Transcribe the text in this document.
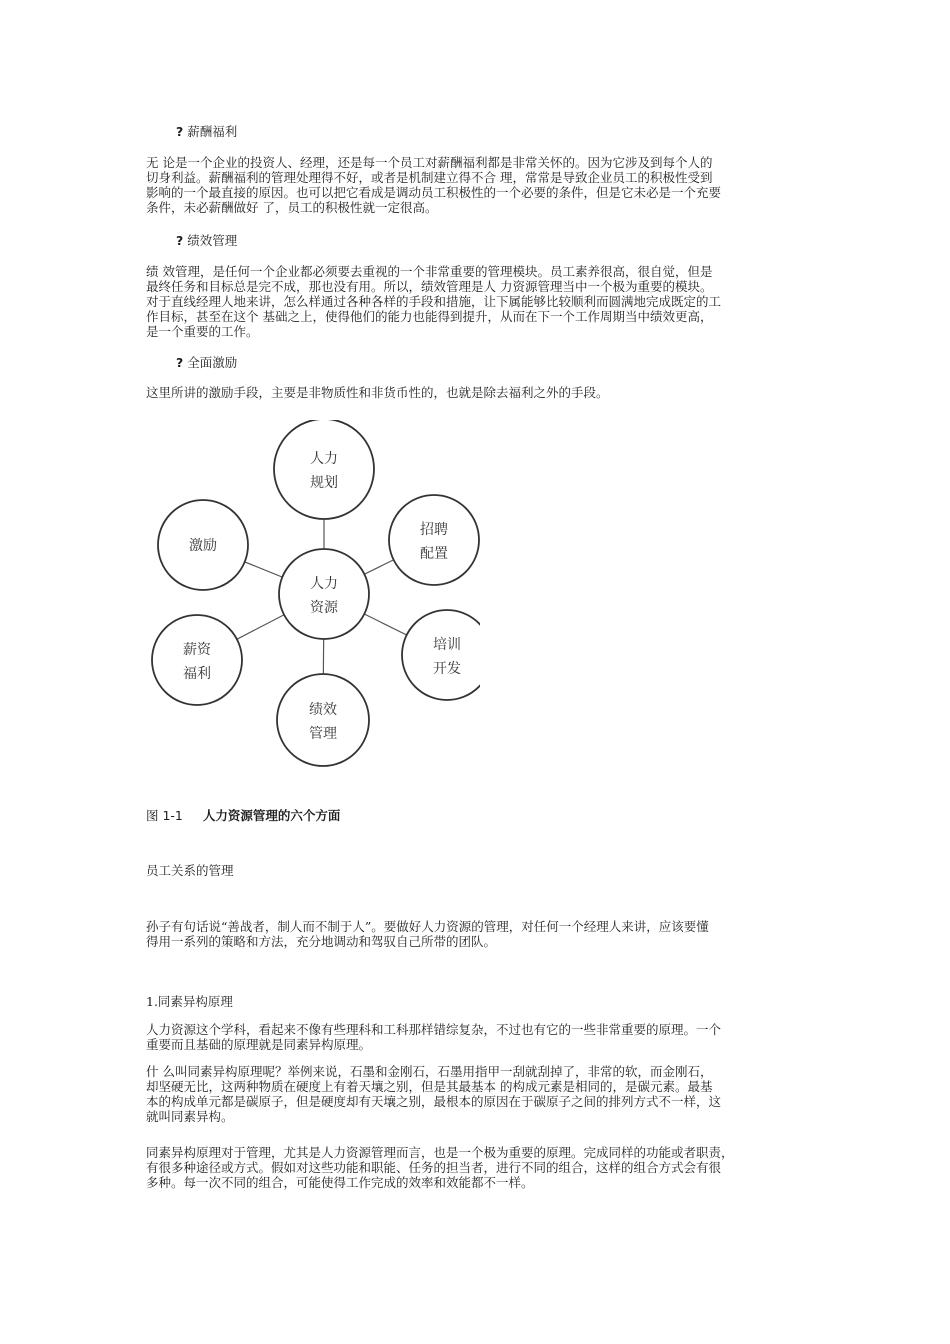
? 薪酬福利
无 论是一个企业的投资人、经理，还是每一个员工对薪酬福利都是非常关怀的。因为它涉及到每个人的
切身利益。薪酬福利的管理处理得不好，或者是机制建立得不合 理，常常是导致企业员工的积极性受到
影响的一个最直接的原因。也可以把它看成是调动员工积极性的一个必要的条件，但是它未必是一个充要
条件，未必薪酬做好 了，员工的积极性就一定很高。
? 绩效管理
绩 效管理，是任何一个企业都必须要去重视的一个非常重要的管理模块。员工素养很高，很自觉，但是
最终任务和目标总是完不成，那也没有用。所以，绩效管理是人 力资源管理当中一个极为重要的模块。
对于直线经理人地来讲，怎么样通过各种各样的手段和措施，让下属能够比较顺利而圆满地完成既定的工
作目标，甚至在这个 基础之上，使得他们的能力也能得到提升，从而在下一个工作周期当中绩效更高，
是一个重要的工作。
? 全面激励
这里所讲的激励手段，主要是非物质性和非货币性的，也就是除去福利之外的手段。
人力
资源
人力
规划
招聘
配置
培训
开发
绩效
管理
薪资
福利
激励
图 1-1 人力资源管理的六个方面
员工关系的管理
孙子有句话说“善战者，制人而不制于人”。要做好人力资源的管理，对任何一个经理人来讲，应该要懂
得用一系列的策略和方法，充分地调动和驾驭自己所带的团队。
1.同素异构原理
人力资源这个学科，看起来不像有些理科和工科那样错综复杂，不过也有它的一些非常重要的原理。一个
重要而且基础的原理就是同素异构原理。
什 么叫同素异构原理呢？举例来说，石墨和金刚石，石墨用指甲一刮就刮掉了，非常的软，而金刚石，
却坚硬无比，这两种物质在硬度上有着天壤之别，但是其最基本 的构成元素是相同的，是碳元素。最基
本的构成单元都是碳原子，但是硬度却有天壤之别，最根本的原因在于碳原子之间的排列方式不一样，这
就叫同素异构。
同素异构原理对于管理，尤其是人力资源管理而言，也是一个极为重要的原理。完成同样的功能或者职责，
有很多种途径或方式。假如对这些功能和职能、任务的担当者，进行不同的组合，这样的组合方式会有很
多种。每一次不同的组合，可能使得工作完成的效率和效能都不一样。
